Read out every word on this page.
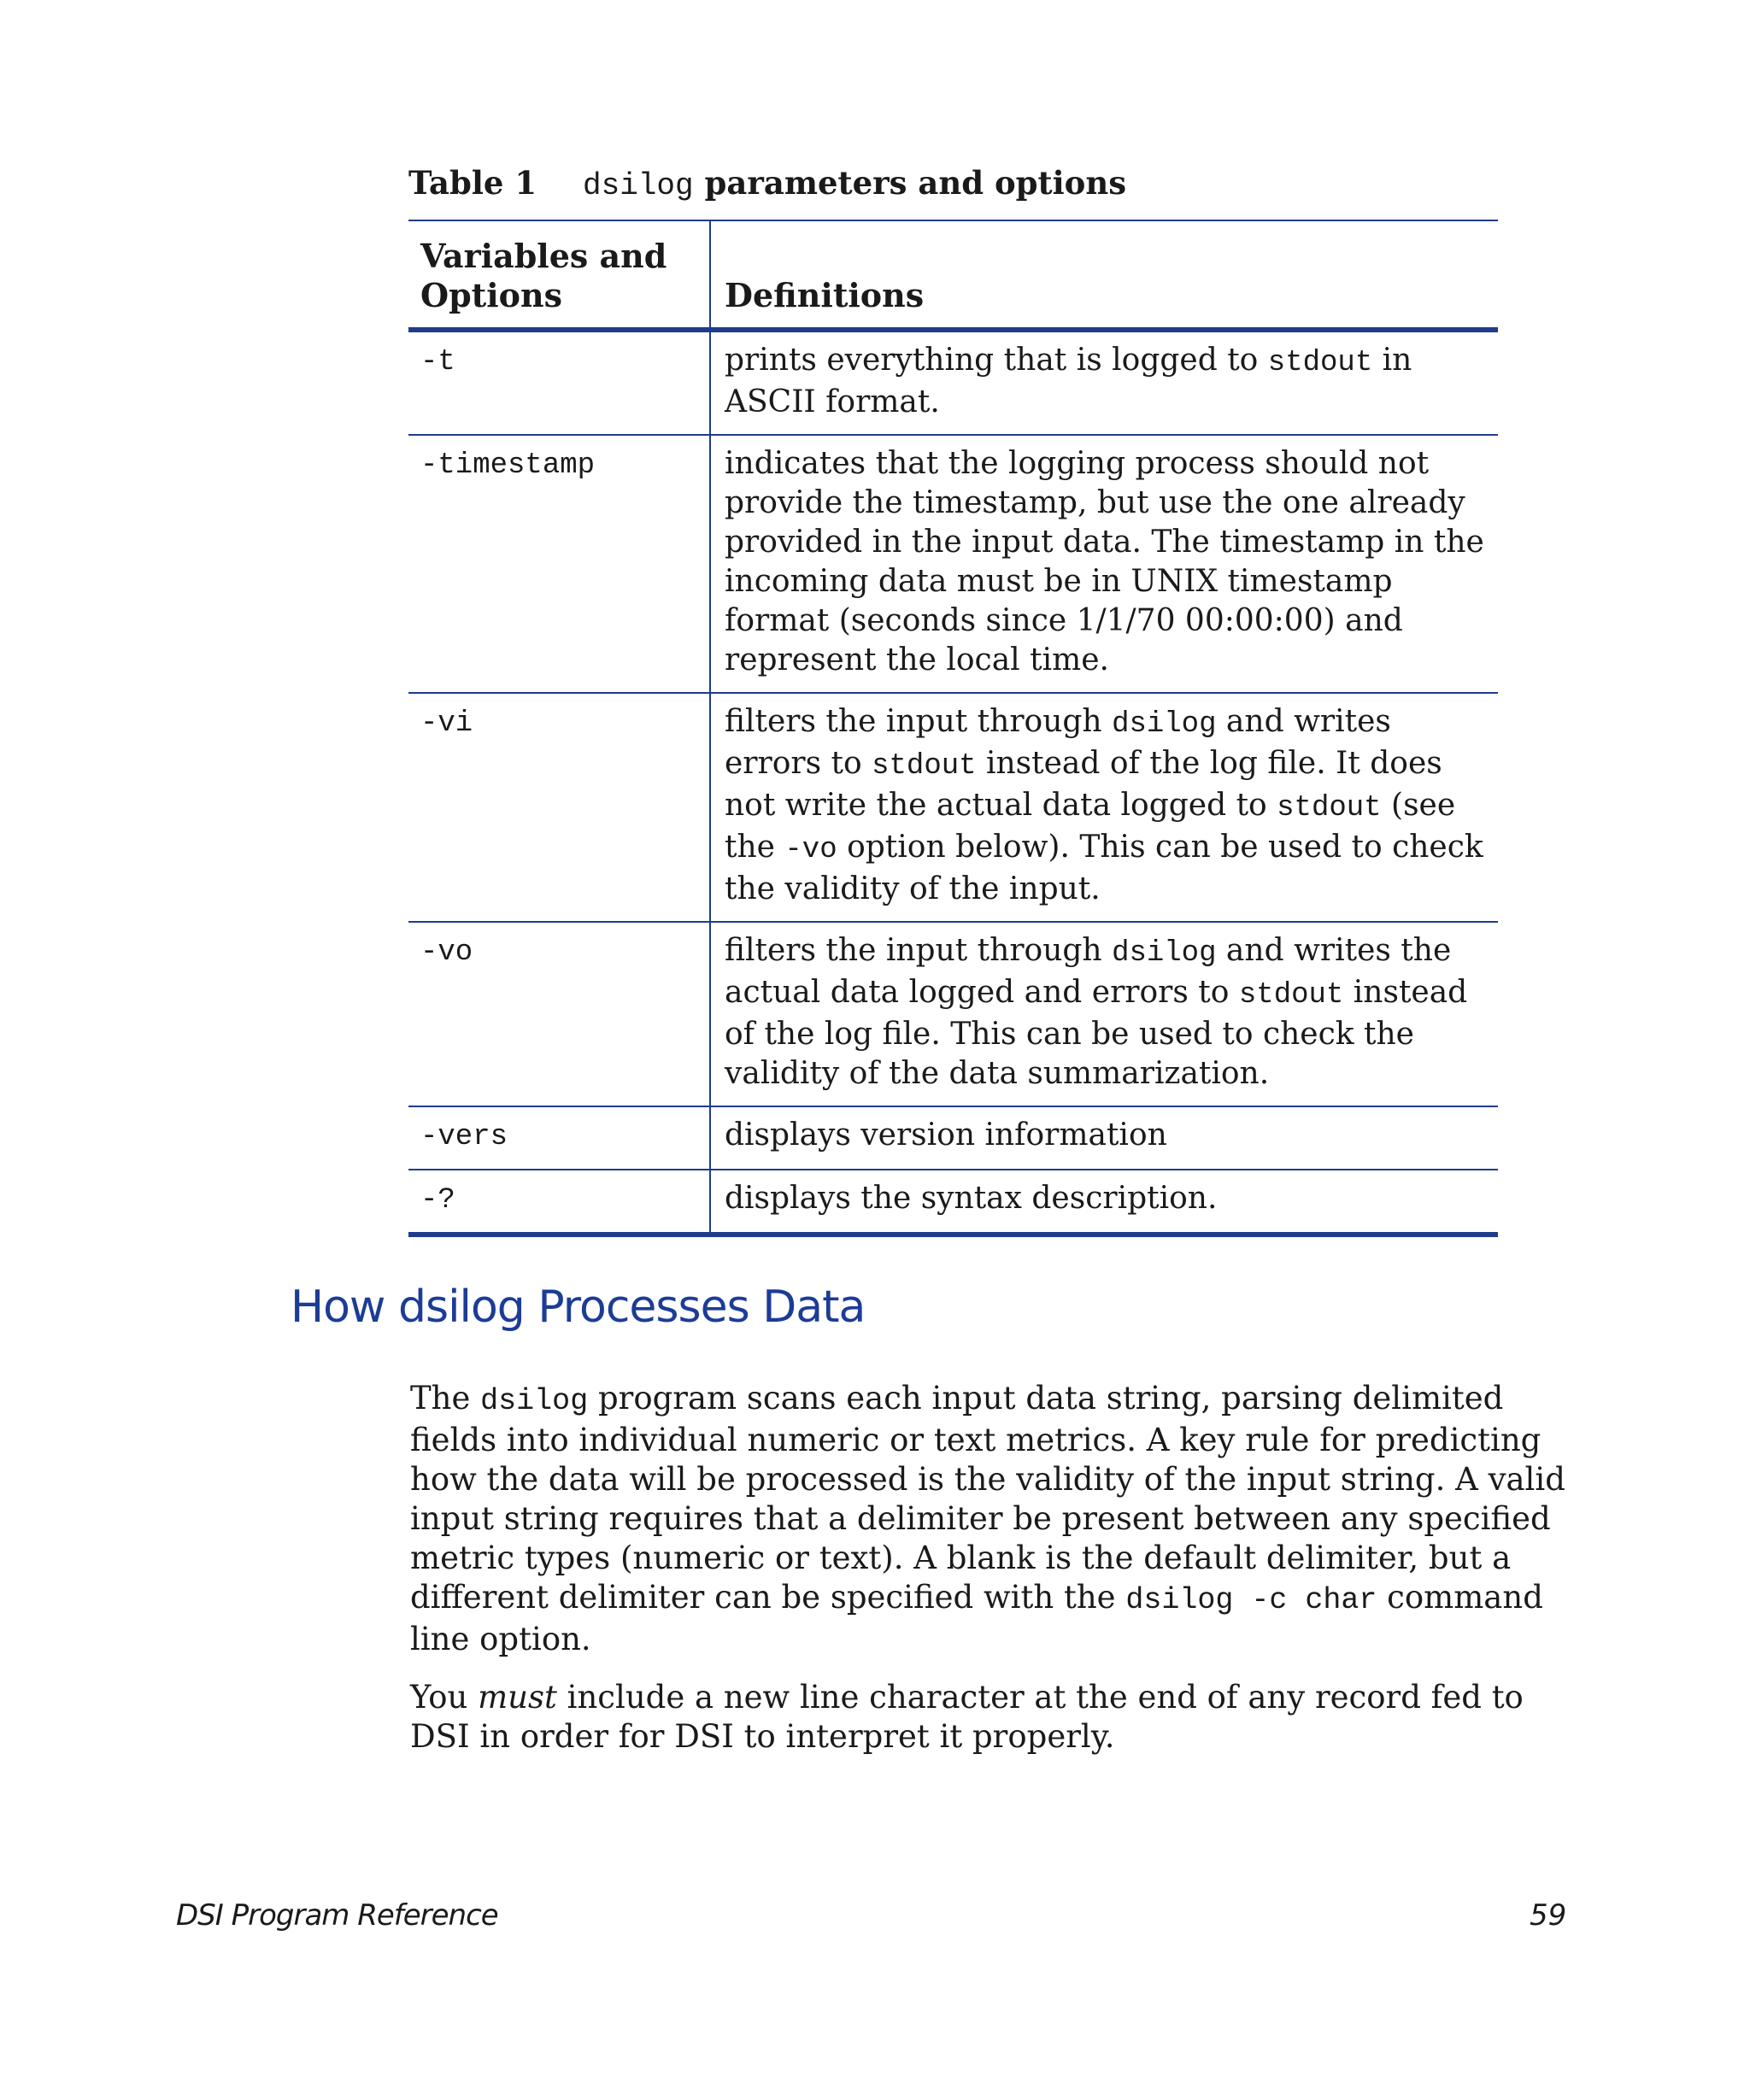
Table 1 dsilog parameters and options
Variables and Options	Definitions
-t	prints everything that is logged to stdout in ASCII format.
-timestamp	indicates that the logging process should not provide the timestamp, but use the one already provided in the input data. The timestamp in the incoming data must be in UNIX timestamp format (seconds since 1/1/70 00:00:00) and represent the local time.
-vi	filters the input through dsilog and writes errors to stdout instead of the log file. It does not write the actual data logged to stdout (see the -vo option below). This can be used to check the validity of the input.
-vo	filters the input through dsilog and writes the actual data logged and errors to stdout instead of the log file. This can be used to check the validity of the data summarization.
-vers	displays version information
-?	displays the syntax description.
How dsilog Processes Data

The dsilog program scans each input data string, parsing delimited fields into individual numeric or text metrics. A key rule for predicting how the data will be processed is the validity of the input string. A valid input string requires that a delimiter be present between any specified metric types (numeric or text). A blank is the default delimiter, but a different delimiter can be specified with the dsilog -c char command line option.

You must include a new line character at the end of any record fed to DSI in order for DSI to interpret it properly.

DSI Program Reference	59
